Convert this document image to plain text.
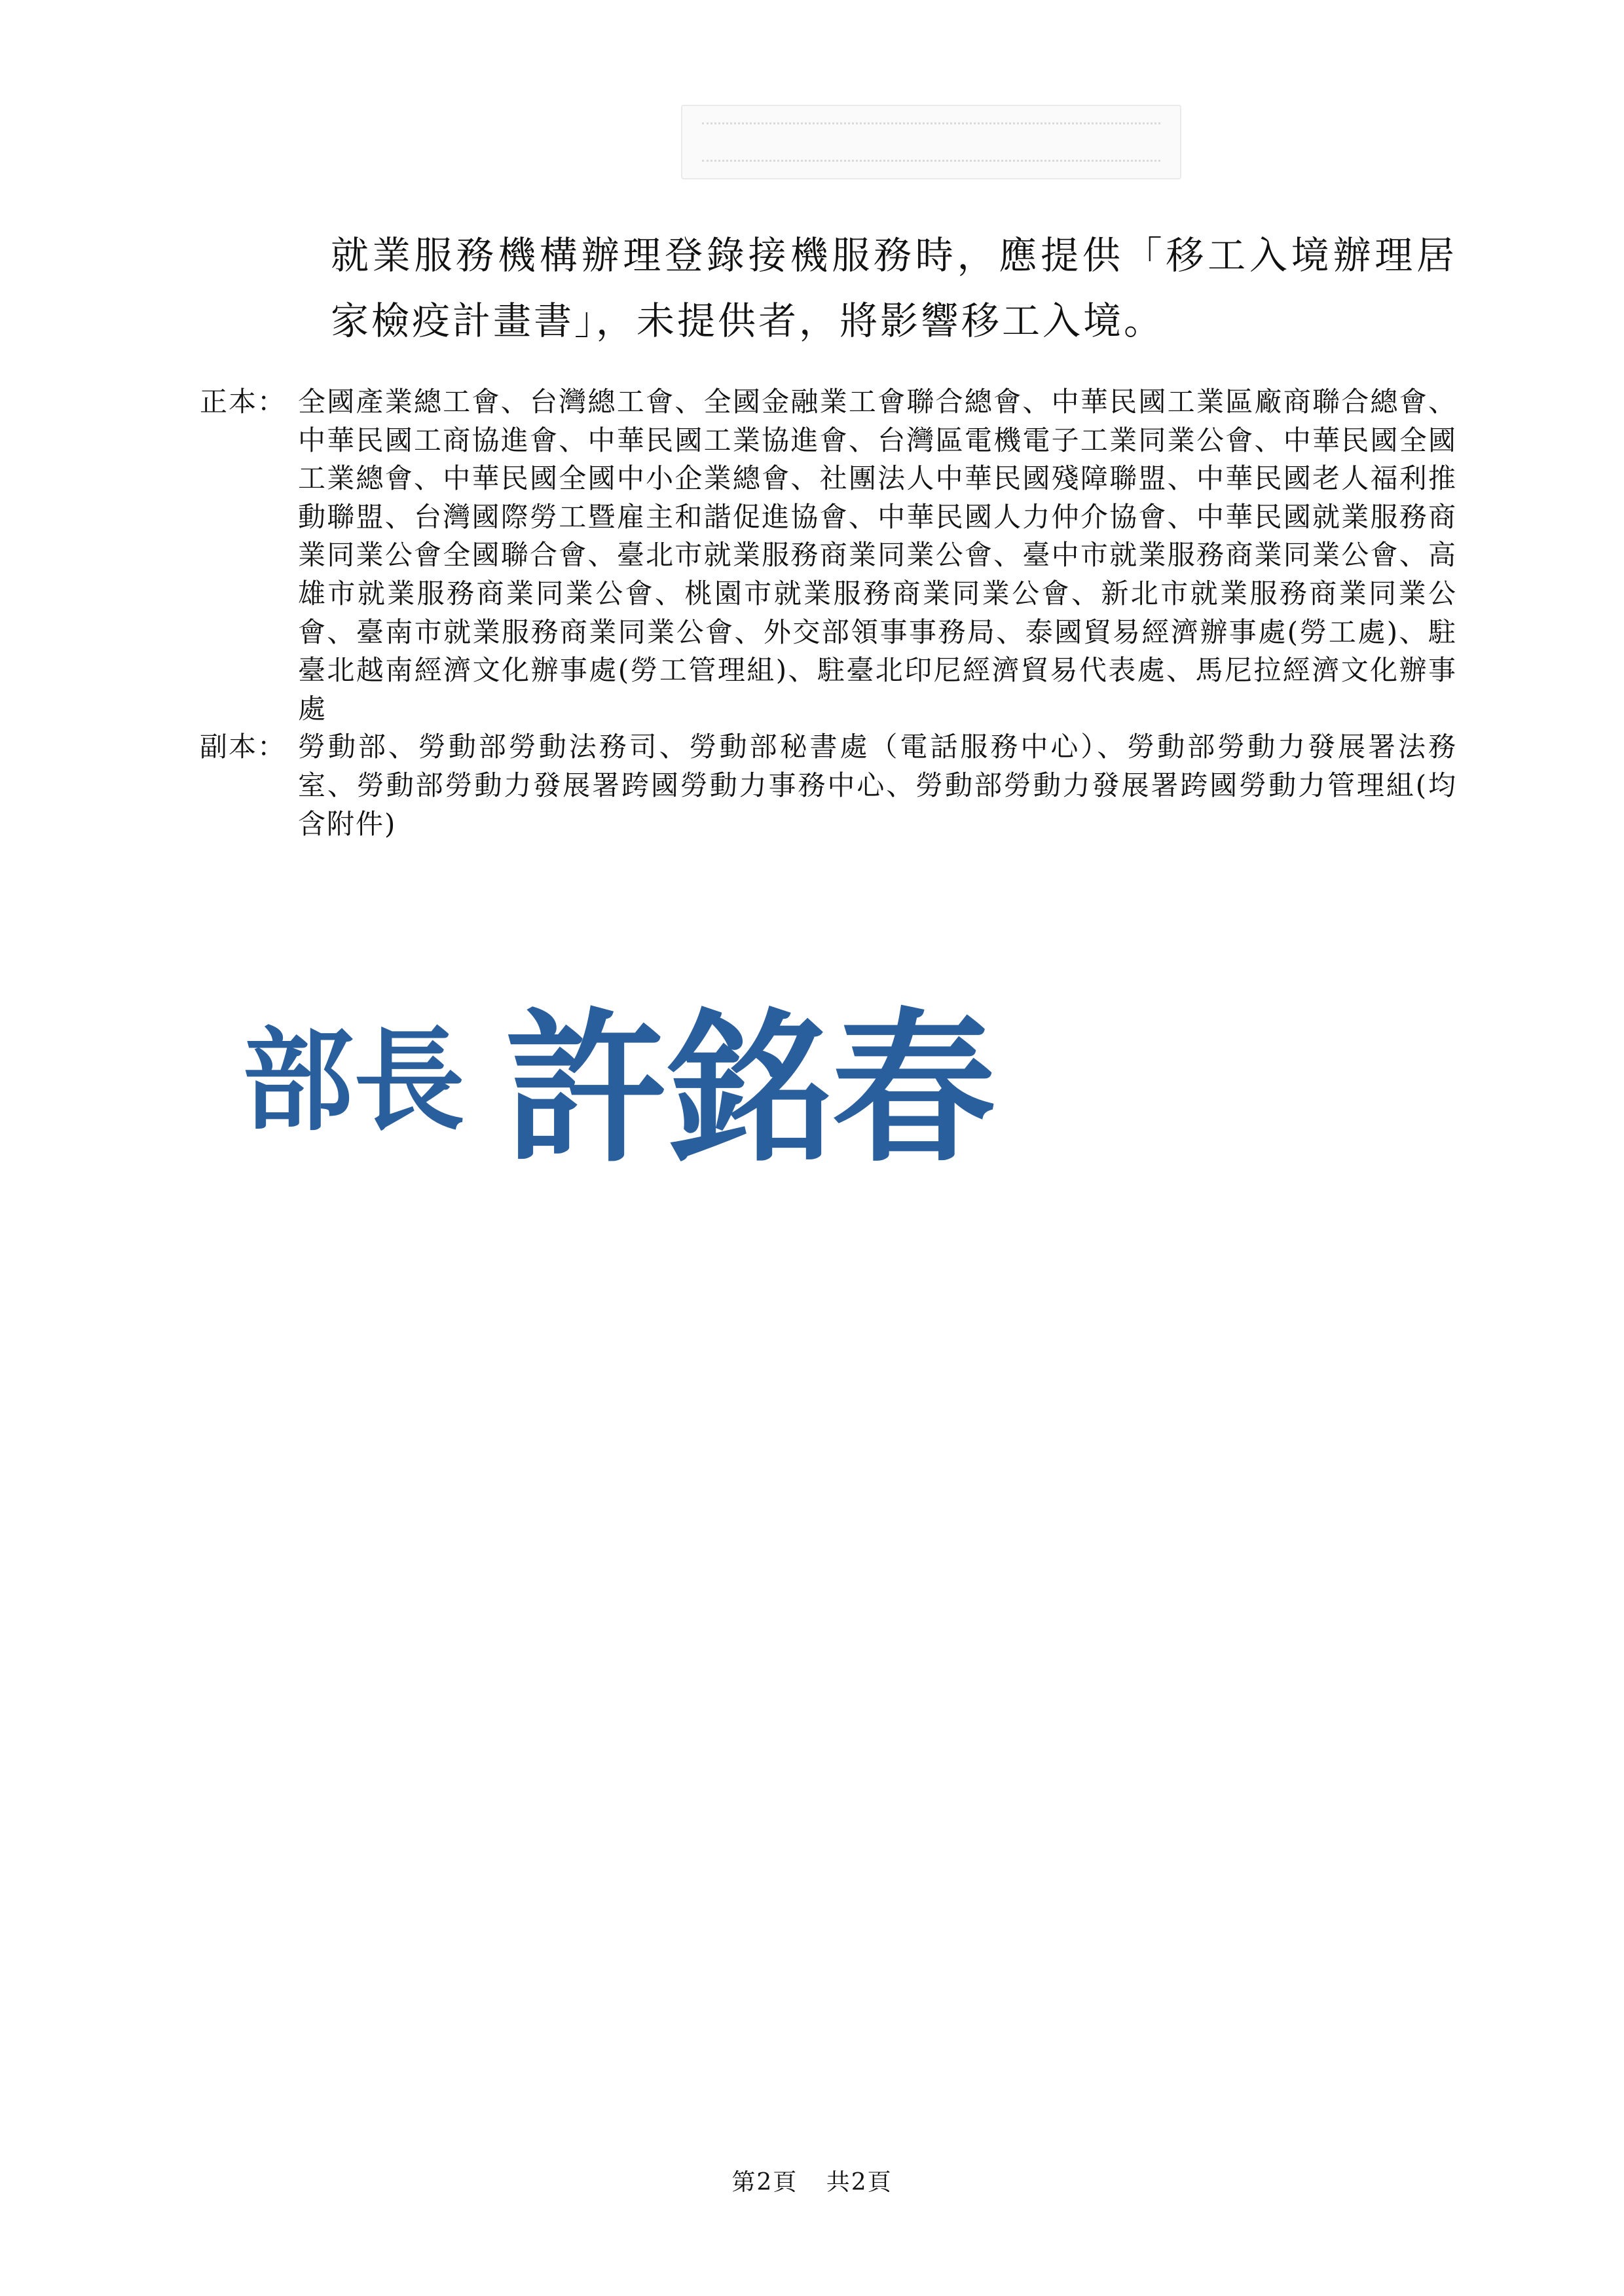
就業服務機構辦理登錄接機服務時，應提供「移工入境辦理居家檢疫計畫書」，未提供者，將影響移工入境。
正本： 全國產業總工會、台灣總工會、全國金融業工會聯合總會、中華民國工業區廠商聯合總會、中華民國工商協進會、中華民國工業協進會、台灣區電機電子工業同業公會、中華民國全國工業總會、中華民國全國中小企業總會、社團法人中華民國殘障聯盟、中華民國老人福利推動聯盟、台灣國際勞工暨雇主和諧促進協會、中華民國人力仲介協會、中華民國就業服務商業同業公會全國聯合會、臺北市就業服務商業同業公會、臺中市就業服務商業同業公會、高雄市就業服務商業同業公會、桃園市就業服務商業同業公會、新北市就業服務商業同業公會、臺南市就業服務商業同業公會、外交部領事事務局、泰國貿易經濟辦事處(勞工處)、駐臺北越南經濟文化辦事處(勞工管理組)、駐臺北印尼經濟貿易代表處、馬尼拉經濟文化辦事處
副本： 勞動部、勞動部勞動法務司、勞動部秘書處（電話服務中心）、勞動部勞動力發展署法務室、勞動部勞動力發展署跨國勞動力事務中心、勞動部勞動力發展署跨國勞動力管理組(均含附件)
部長 許銘春
第2頁 共2頁
